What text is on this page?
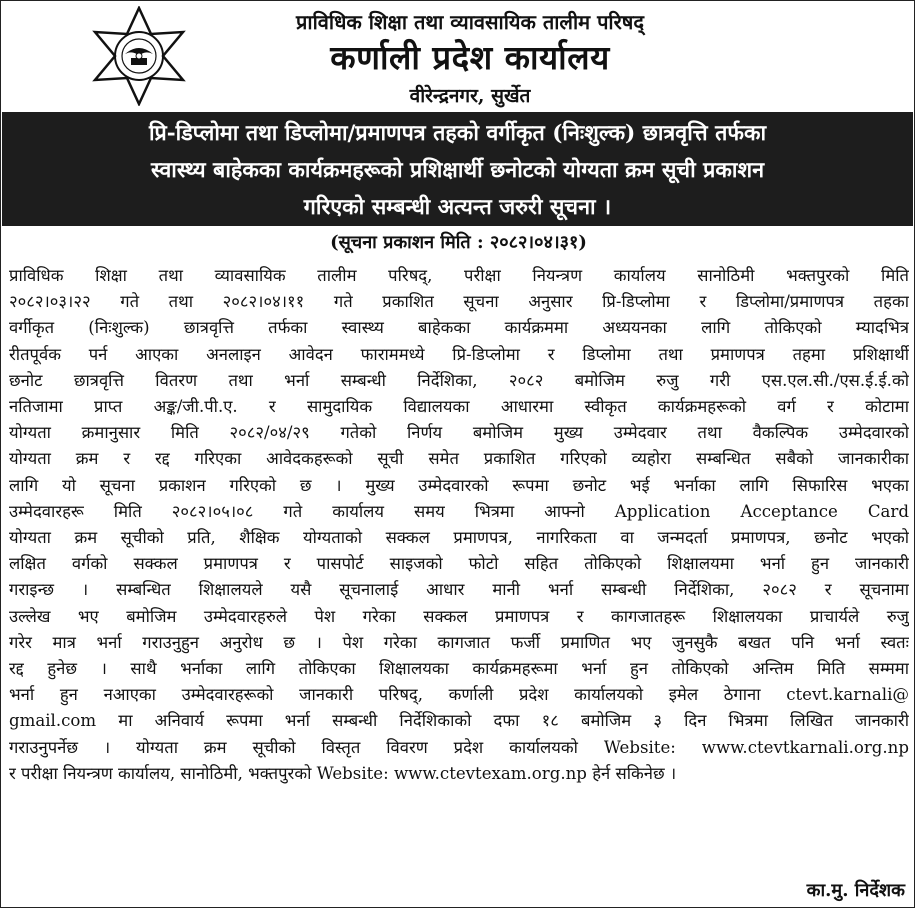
प्राविधिक शिक्षा तथा व्यावसायिक तालीम परिषद्
कर्णाली प्रदेश कार्यालय
वीरेन्द्रनगर, सुर्खेत
प्रि-डिप्लोमा तथा डिप्लोमा/प्रमाणपत्र तहको वर्गीकृत (निःशुल्क) छात्रवृत्ति तर्फका
स्वास्थ्य बाहेकका कार्यक्रमहरूको प्रशिक्षार्थी छनोटको योग्यता क्रम सूची प्रकाशन
गरिएको सम्बन्धी अत्यन्त जरुरी सूचना ।
(सूचना प्रकाशन मिति : २०८२।०४।३१)
प्राविधिक शिक्षा तथा व्यावसायिक तालीम परिषद्, परीक्षा नियन्त्रण कार्यालय सानोठिमी भक्तपुरको मिति
२०८२।०३।२२ गते तथा २०८२।०४।११ गते प्रकाशित सूचना अनुसार प्रि-डिप्लोमा र डिप्लोमा/प्रमाणपत्र तहका
वर्गीकृत (निःशुल्क) छात्रवृत्ति तर्फका स्वास्थ्य बाहेकका कार्यक्रममा अध्ययनका लागि तोकिएको म्यादभित्र
रीतपूर्वक पर्न आएका अनलाइन आवेदन फाराममध्ये प्रि-डिप्लोमा र डिप्लोमा तथा प्रमाणपत्र तहमा प्रशिक्षार्थी
छनोट छात्रवृत्ति वितरण तथा भर्ना सम्बन्धी निर्देशिका, २०८२ बमोजिम रुजु गरी एस.एल.सी./एस.ई.ई.को
नतिजामा प्राप्त अङ्क/जी.पी.ए. र सामुदायिक विद्यालयका आधारमा स्वीकृत कार्यक्रमहरूको वर्ग र कोटामा
योग्यता क्रमानुसार मिति २०८२/०४/२९ गतेको निर्णय बमोजिम मुख्य उम्मेदवार तथा वैकल्पिक उम्मेदवारको
योग्यता क्रम र रद्द गरिएका आवेदकहरूको सूची समेत प्रकाशित गरिएको व्यहोरा सम्बन्धित सबैको जानकारीका
लागि यो सूचना प्रकाशन गरिएको छ । मुख्य उम्मेदवारको रूपमा छनोट भई भर्नाका लागि सिफारिस भएका
उम्मेदवारहरू मिति २०८२।०५।०८ गते कार्यालय समय भित्रमा आफ्नो Application Acceptance Card
योग्यता क्रम सूचीको प्रति, शैक्षिक योग्यताको सक्कल प्रमाणपत्र, नागरिकता वा जन्मदर्ता प्रमाणपत्र, छनोट भएको
लक्षित वर्गको सक्कल प्रमाणपत्र र पासपोर्ट साइजको फोटो सहित तोकिएको शिक्षालयमा भर्ना हुन जानकारी
गराइन्छ । सम्बन्धित शिक्षालयले यसै सूचनालाई आधार मानी भर्ना सम्बन्धी निर्देशिका, २०८२ र सूचनामा
उल्लेख भए बमोजिम उम्मेदवारहरुले पेश गरेका सक्कल प्रमाणपत्र र कागजातहरू शिक्षालयका प्राचार्यले रुजु
गरेर मात्र भर्ना गराउनुहुन अनुरोध छ । पेश गरेका कागजात फर्जी प्रमाणित भए जुनसुकै बखत पनि भर्ना स्वतः
रद्द हुनेछ । साथै भर्नाका लागि तोकिएका शिक्षालयका कार्यक्रमहरूमा भर्ना हुन तोकिएको अन्तिम मिति सम्ममा
भर्ना हुन नआएका उम्मेदवारहरूको जानकारी परिषद्, कर्णाली प्रदेश कार्यालयको इमेल ठेगाना ctevt.karnali@
gmail.com मा अनिवार्य रूपमा भर्ना सम्बन्धी निर्देशिकाको दफा १८ बमोजिम ३ दिन भित्रमा लिखित जानकारी
गराउनुपर्नेछ । योग्यता क्रम सूचीको विस्तृत विवरण प्रदेश कार्यालयको Website: www.ctevtkarnali.org.np
र परीक्षा नियन्त्रण कार्यालय, सानोठिमी, भक्तपुरको Website: www.ctevtexam.org.np हेर्न सकिनेछ ।
का.मु. निर्देशक
